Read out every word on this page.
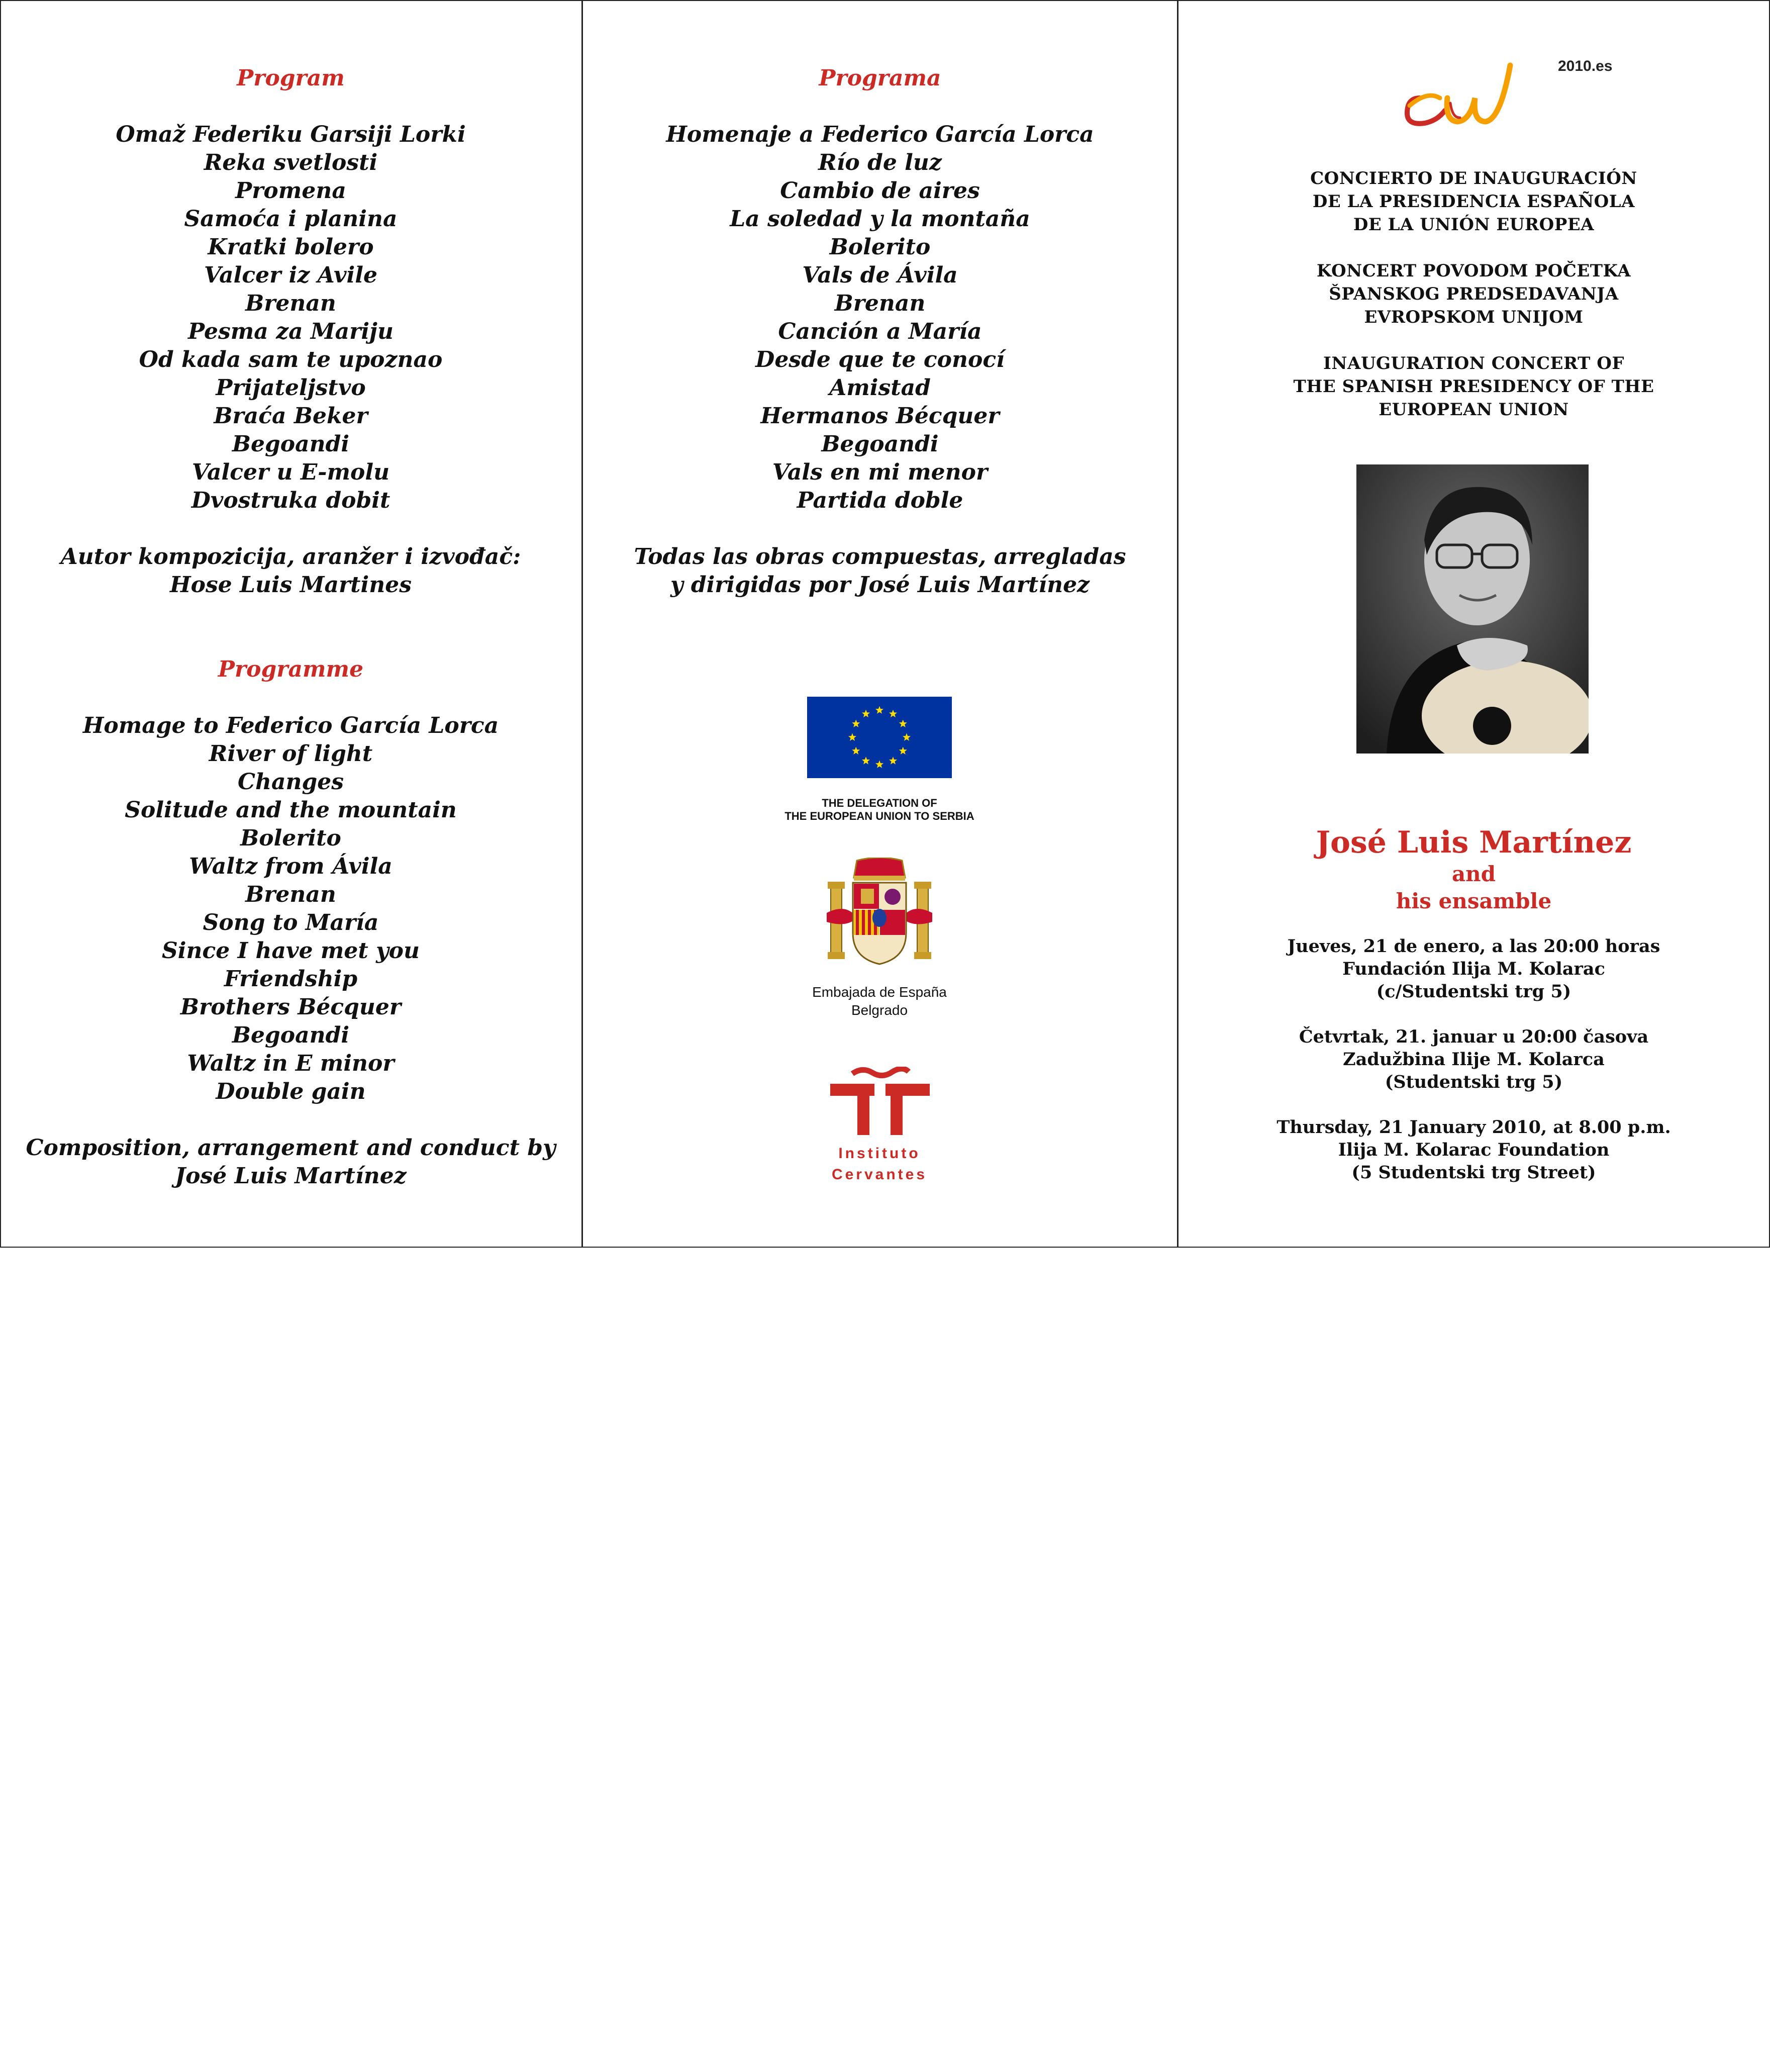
Program
Omaž Federiku Garsiji Lorki
Reka svetlosti
Promena
Samoća i planina
Kratki bolero
Valcer iz Avile
Brenan
Pesma za Mariju
Od kada sam te upoznao
Prijateljstvo
Braća Beker
Begoandi
Valcer u E-molu
Dvostruka dobit
Autor kompozicija, aranžer i izvođač:
Hose Luis Martines
Programme
Homage to Federico García Lorca
River of light
Changes
Solitude and the mountain
Bolerito
Waltz from Ávila
Brenan
Song to María
Since I have met you
Friendship
Brothers Bécquer
Begoandi
Waltz in E minor
Double gain
Composition, arrangement and conduct by
José Luis Martínez
Programa
Homenaje a Federico García Lorca
Río de luz
Cambio de aires
La soledad y la montaña
Bolerito
Vals de Ávila
Brenan
Canción a María
Desde que te conocí
Amistad
Hermanos Bécquer
Begoandi
Vals en mi menor
Partida doble
Todas las obras compuestas, arregladas
y dirigidas por José Luis Martínez
THE DELEGATION OF
THE EUROPEAN UNION TO SERBIA
Embajada de España
Belgrado
Instituto
Cervantes
2010.es
CONCIERTO DE INAUGURACIÓN
DE LA PRESIDENCIA ESPAÑOLA
DE LA UNIÓN EUROPEA
KONCERT POVODOM POČETKA
ŠPANSKOG PREDSEDAVANJA
EVROPSKOM UNIJOM
INAUGURATION CONCERT OF
THE SPANISH PRESIDENCY OF THE
EUROPEAN UNION
José Luis Martínez
and
his ensamble
Jueves, 21 de enero, a las 20:00 horas
Fundación Ilija M. Kolarac
(c/Studentski trg 5)
Četvrtak, 21. januar u 20:00 časova
Zadužbina Ilije M. Kolarca
(Studentski trg 5)
Thursday, 21 January 2010, at 8.00 p.m.
Ilija M. Kolarac Foundation
(5 Studentski trg Street)
